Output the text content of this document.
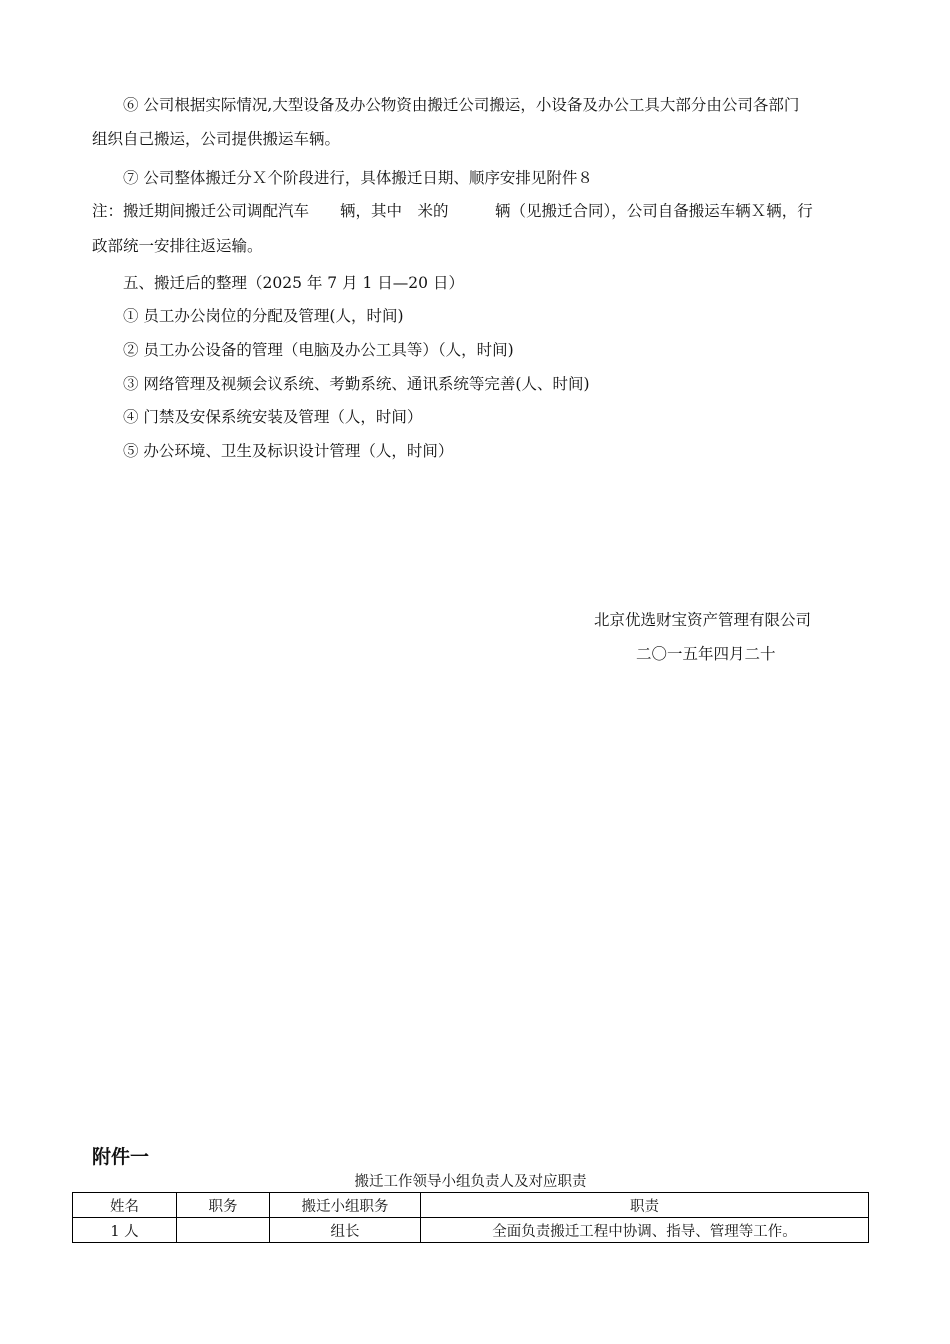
⑥ 公司根据实际情况,大型设备及办公物资由搬迁公司搬运，小设备及办公工具大部分由公司各部门
组织自己搬运，公司提供搬运车辆。
⑦ 公司整体搬迁分Ｘ个阶段进行，具体搬迁日期、顺序安排见附件８
注：搬迁期间搬迁公司调配汽车　　辆，其中　米的　　　辆（见搬迁合同），公司自备搬运车辆Ｘ辆，行
政部统一安排往返运输。
五、搬迁后的整理（2025 年 7 月 1 日—20 日）
① 员工办公岗位的分配及管理(人，时间)
② 员工办公设备的管理（电脑及办公工具等）（人，时间)
③ 网络管理及视频会议系统、考勤系统、通讯系统等完善(人、时间)
④ 门禁及安保系统安装及管理（人，时间）
⑤ 办公环境、卫生及标识设计管理（人，时间）
北京优选财宝资产管理有限公司
二〇一五年四月二十
附件一
搬迁工作领导小组负责人及对应职责
姓名	职务	搬迁小组职务	职责
1 人		组长	全面负责搬迁工程中协调、指导、管理等工作。
